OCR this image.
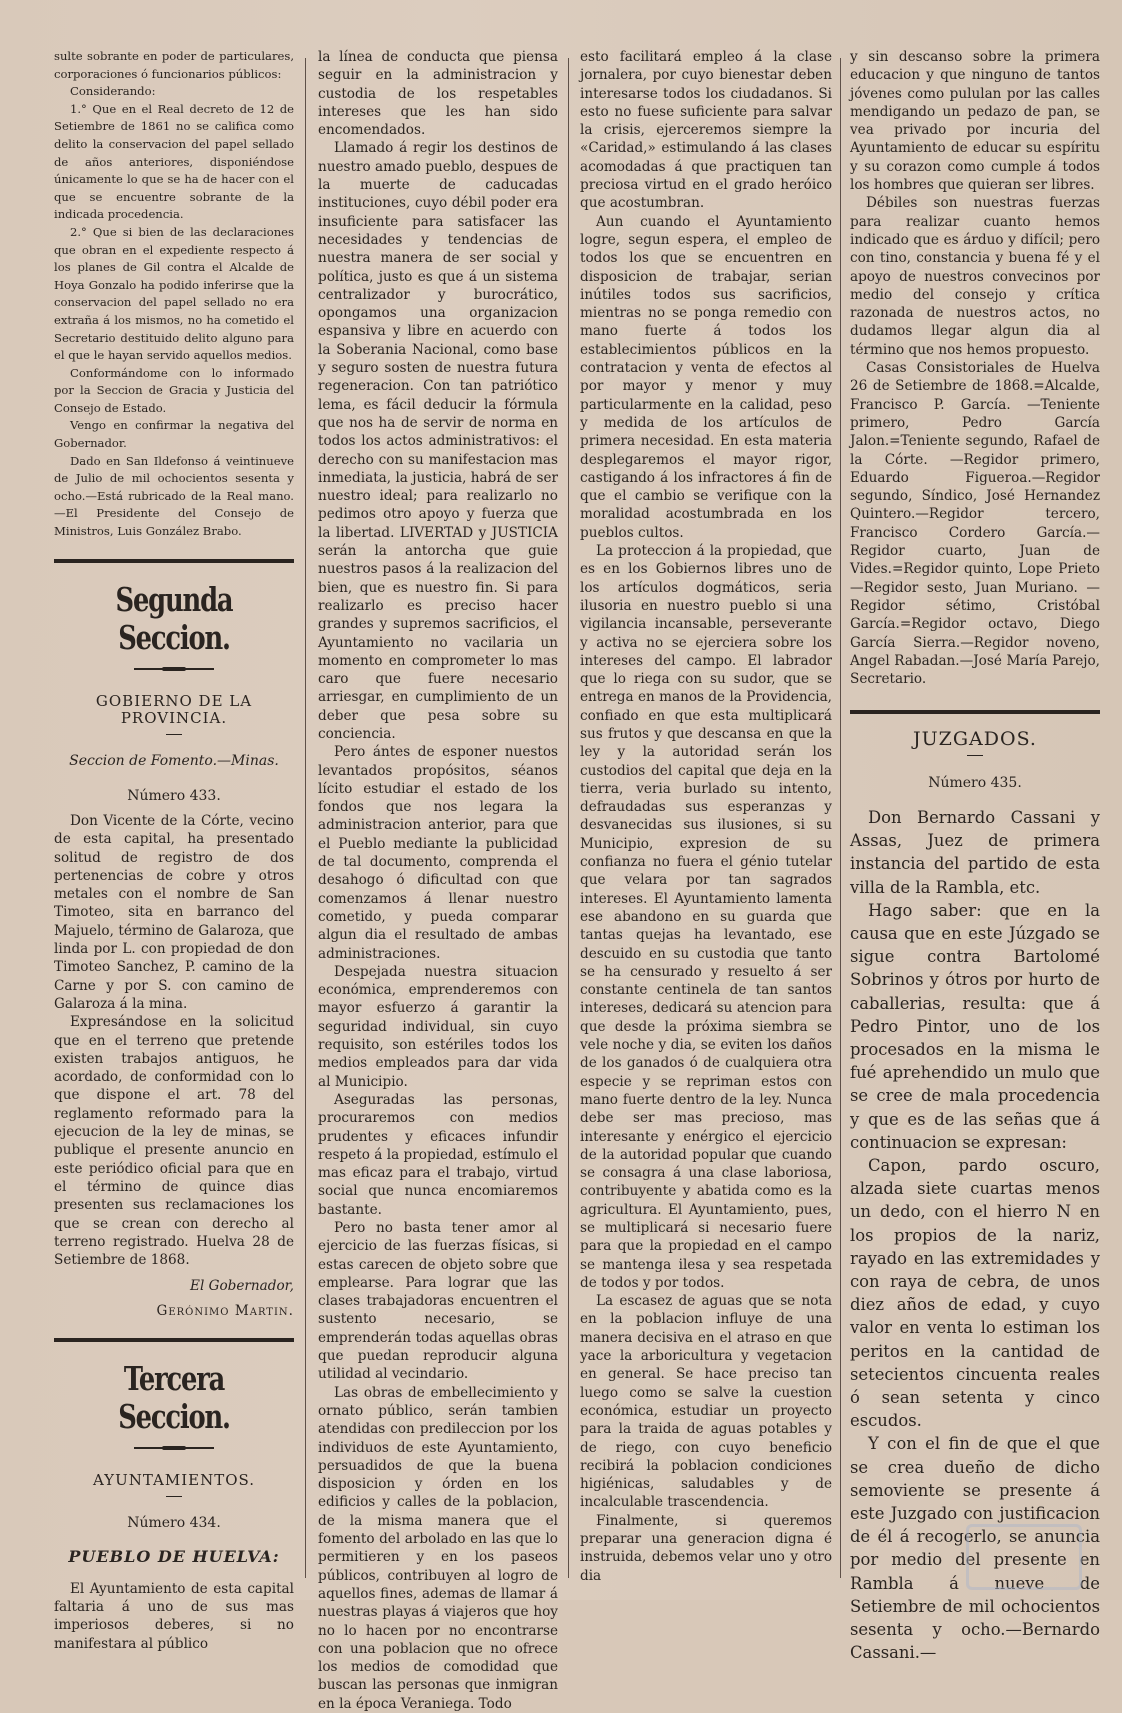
sulte sobrante en poder de particulares, corporaciones ó funcionarios públicos:

Considerando:

1.° Que en el Real decreto de 12 de Setiembre de 1861 no se califica como delito la conservacion del papel sellado de años anteriores, disponiéndose únicamente lo que se ha de hacer con el que se encuentre sobrante de la indicada procedencia.

2.° Que si bien de las declaraciones que obran en el expediente respecto á los planes de Gil contra el Alcalde de Hoya Gonzalo ha podido inferirse que la conservacion del papel sellado no era extraña á los mismos, no ha cometido el Secretario destituido delito alguno para el que le hayan servido aquellos medios.

Conformándome con lo informado por la Seccion de Gracia y Justicia del Consejo de Estado.

Vengo en confirmar la negativa del Gobernador.

Dado en San Ildefonso á veintinueve de Julio de mil ochocientos sesenta y ocho.—Está rubricado de la Real mano.—El Presidente del Consejo de Ministros, Luis González Brabo.

Segunda Seccion.
GOBIERNO DE LA PROVINCIA.
Seccion de Fomento.—Minas.
Número 433.

Don Vicente de la Córte, vecino de esta capital, ha presentado solitud de registro de dos pertenencias de cobre y otros metales con el nombre de San Timoteo, sita en barranco del Majuelo, término de Galaroza, que linda por L. con propiedad de don Timoteo Sanchez, P. camino de la Carne y por S. con camino de Galaroza á la mina.

Expresándose en la solicitud que en el terreno que pretende existen trabajos antiguos, he acordado, de conformidad con lo que dispone el art. 78 del reglamento reformado para la ejecucion de la ley de minas, se publique el presente anuncio en este periódico oficial para que en el término de quince dias presenten sus reclamaciones los que se crean con derecho al terreno registrado. Huelva 28 de Setiembre de 1868.

El Gobernador,
Gerónimo Martin.
Tercera Seccion.
AYUNTAMIENTOS.
Número 434.
PUEBLO DE HUELVA:

El Ayuntamiento de esta capital faltaria á uno de sus mas imperiosos deberes, si no manifestara al público

la línea de conducta que piensa seguir en la administracion y custodia de los respetables intereses que les han sido encomendados.

Llamado á regir los destinos de nuestro amado pueblo, despues de la muerte de caducadas instituciones, cuyo débil poder era insuficiente para satisfacer las necesidades y tendencias de nuestra manera de ser social y política, justo es que á un sistema centralizador y burocrático, opongamos una organizacion espansiva y libre en acuerdo con la Soberania Nacional, como base y seguro sosten de nuestra futura regeneracion. Con tan patriótico lema, es fácil deducir la fórmula que nos ha de servir de norma en todos los actos administrativos: el derecho con su manifestacion mas inmediata, la justicia, habrá de ser nuestro ideal; para realizarlo no pedimos otro apoyo y fuerza que la libertad. LIVERTAD y JUSTICIA serán la antorcha que guie nuestros pasos á la realizacion del bien, que es nuestro fin. Si para realizarlo es preciso hacer grandes y supremos sacrificios, el Ayuntamiento no vacilaria un momento en comprometer lo mas caro que fuere necesario arriesgar, en cumplimiento de un deber que pesa sobre su conciencia.

Pero ántes de esponer nuestos levantados propósitos, séanos lícito estudiar el estado de los fondos que nos legara la administracion anterior, para que el Pueblo mediante la publicidad de tal documento, comprenda el desahogo ó dificultad con que comenzamos á llenar nuestro cometido, y pueda comparar algun dia el resultado de ambas administraciones.

Despejada nuestra situacion económica, emprenderemos con mayor esfuerzo á garantir la seguridad individual, sin cuyo requisito, son estériles todos los medios empleados para dar vida al Municipio.

Aseguradas las personas, procuraremos con medios prudentes y eficaces infundir respeto á la propiedad, estímulo el mas eficaz para el trabajo, virtud social que nunca encomiaremos bastante.

Pero no basta tener amor al ejercicio de las fuerzas físicas, si estas carecen de objeto sobre que emplearse. Para lograr que las clases trabajadoras encuentren el sustento necesario, se emprenderán todas aquellas obras que puedan reproducir alguna utilidad al vecindario.

Las obras de embellecimiento y ornato público, serán tambien atendidas con predileccion por los individuos de este Ayuntamiento, persuadidos de que la buena disposicion y órden en los edificios y calles de la poblacion, de la misma manera que el fomento del arbolado en las que lo permitieren y en los paseos públicos, contribuyen al logro de aquellos fines, ademas de llamar á nuestras playas á viajeros que hoy no lo hacen por no encontrarse con una poblacion que no ofrece los medios de comodidad que buscan las personas que inmigran en la época Veraniega. Todo

esto facilitará empleo á la clase jornalera, por cuyo bienestar deben interesarse todos los ciudadanos. Si esto no fuese suficiente para salvar la crisis, ejerceremos siempre la «Caridad,» estimulando á las clases acomodadas á que practiquen tan preciosa virtud en el grado heróico que acostumbran.

Aun cuando el Ayuntamiento logre, segun espera, el empleo de todos los que se encuentren en disposicion de trabajar, serian inútiles todos sus sacrificios, mientras no se ponga remedio con mano fuerte á todos los establecimientos públicos en la contratacion y venta de efectos al por mayor y menor y muy particularmente en la calidad, peso y medida de los artículos de primera necesidad. En esta materia desplegaremos el mayor rigor, castigando á los infractores á fin de que el cambio se verifique con la moralidad acostumbrada en los pueblos cultos.

La proteccion á la propiedad, que es en los Gobiernos libres uno de los artículos dogmáticos, seria ilusoria en nuestro pueblo si una vigilancia incansable, perseverante y activa no se ejerciera sobre los intereses del campo. El labrador que lo riega con su sudor, que se entrega en manos de la Providencia, confiado en que esta multiplicará sus frutos y que descansa en que la ley y la autoridad serán los custodios del capital que deja en la tierra, veria burlado su intento, defraudadas sus esperanzas y desvanecidas sus ilusiones, si su Municipio, expresion de su confianza no fuera el génio tutelar que velara por tan sagrados intereses. El Ayuntamiento lamenta ese abandono en su guarda que tantas quejas ha levantado, ese descuido en su custodia que tanto se ha censurado y resuelto á ser constante centinela de tan santos intereses, dedicará su atencion para que desde la próxima siembra se vele noche y dia, se eviten los daños de los ganados ó de cualquiera otra especie y se repriman estos con mano fuerte dentro de la ley. Nunca debe ser mas precioso, mas interesante y enérgico el ejercicio de la autoridad popular que cuando se consagra á una clase laboriosa, contribuyente y abatida como es la agricultura. El Ayuntamiento, pues, se multiplicará si necesario fuere para que la propiedad en el campo se mantenga ilesa y sea respetada de todos y por todos.

La escasez de aguas que se nota en la poblacion influye de una manera decisiva en el atraso en que yace la arboricultura y vegetacion en general. Se hace preciso tan luego como se salve la cuestion económica, estudiar un proyecto para la traida de aguas potables y de riego, con cuyo beneficio recibirá la poblacion condiciones higiénicas, saludables y de incalculable trascendencia.

Finalmente, si queremos preparar una generacion digna é instruida, debemos velar uno y otro dia

y sin descanso sobre la primera educacion y que ninguno de tantos jóvenes como pululan por las calles mendigando un pedazo de pan, se vea privado por incuria del Ayuntamiento de educar su espíritu y su corazon como cumple á todos los hombres que quieran ser libres.

Débiles son nuestras fuerzas para realizar cuanto hemos indicado que es árduo y difícil; pero con tino, constancia y buena fé y el apoyo de nuestros convecinos por medio del consejo y crítica razonada de nuestros actos, no dudamos llegar algun dia al término que nos hemos propuesto.

Casas Consistoriales de Huelva 26 de Setiembre de 1868.=Alcalde, Francisco P. García. —Teniente primero, Pedro García Jalon.=Teniente segundo, Rafael de la Córte. —Regidor primero, Eduardo Figueroa.—Regidor segundo, Síndico, José Hernandez Quintero.—Regidor tercero, Francisco Cordero García.—Regidor cuarto, Juan de Vides.=Regidor quinto, Lope Prieto —Regidor sesto, Juan Muriano. —Regidor sétimo, Cristóbal García.=Regidor octavo, Diego García Sierra.—Regidor noveno, Angel Rabadan.—José María Parejo, Secretario.

JUZGADOS.
Número 435.

Don Bernardo Cassani y Assas, Juez de primera instancia del partido de esta villa de la Rambla, etc.

Hago saber: que en la causa que en este Júzgado se sigue contra Bartolomé Sobrinos y ótros por hurto de caballerias, resulta: que á Pedro Pintor, uno de los procesados en la misma le fué aprehendido un mulo que se cree de mala procedencia y que es de las señas que á continuacion se expresan:

Capon, pardo oscuro, alzada siete cuartas menos un dedo, con el hierro N en los propios de la nariz, rayado en las extremidades y con raya de cebra, de unos diez años de edad, y cuyo valor en venta lo estiman los peritos en la cantidad de setecientos cincuenta reales ó sean setenta y cinco escudos.

Y con el fin de que el que se crea dueño de dicho semoviente se presente á este Juzgado con justificacion de él á recogerlo, se anuncia por medio del presente en Rambla á nueve de Setiembre de mil ochocientos sesenta y ocho.—Bernardo Cassani.—
